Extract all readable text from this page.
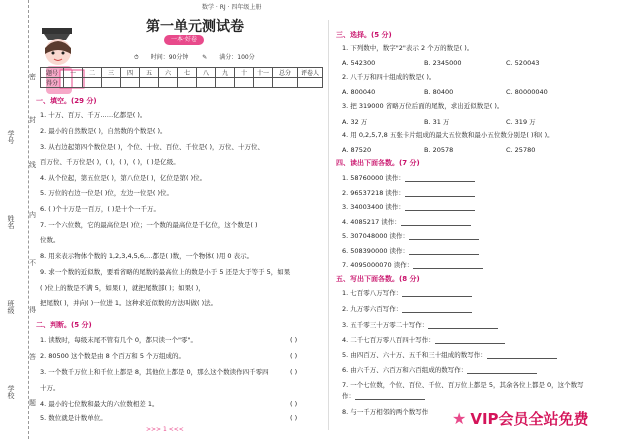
学号
姓名
班级
学校
密
封
线
内
不
得
答
题
数学 · RJ · 四年级上册
第一单元测试卷
一本·好卷
⏱ 时间：90分钟 ✎ 满分：100分
题号	一	二	三	四	五	六	七	八	九	十	十一	总分	评卷人
得分													
一、填空。(29 分)
1. 十万、百万、千万……亿都是( )。
2. 最小的自然数是( )，自然数的个数是( )。
3. 从右边起第四个数位是( )，个位、十位、百位、千位是( )，万位、十万位、
百万位、千万位是( )，( )，( )，( )，( )是亿级。
4. 从个位起，第五位是( )，第八位是( )，亿位是第( )位。
5. 万位的右边一位是( )位，左边一位是( )位。
6. ( )个十万是一百万，( )是十个一千万。
7. 一个六位数，它的最高位是( )位；一个数的最高位是千亿位，这个数是( )
位数。
8. 用来表示物体个数的 1,2,3,4,5,6,…都是( )数，一个物体( )用 0 表示。
9. 求一个数的近似数，要看省略的尾数的最高位上的数是小于 5 还是大于等于 5，如果
( )位上的数是不满 5，如果( )，就把尾数部( )；如果( )，
把尾数( )，并向( )一位进 1。这种求近似数的方法叫做( )法。
二、判断。(5 分)
1. 读数时，每级末尾不管有几个 0，都只读一个"零"。	( )
2. 80500 这个数是由 8 个百万和 5 个万组成的。	( )
3. 一个数千万位上和千位上都是 8，其他位上都是 0，那么这个数读作四千零四	( )
十万。
4. 最小的七位数和最大的六位数相差 1。	( )
5. 数位就是计数单位。	( )
>>> 1 <<<
三、选择。(5 分)
1. 下列数中，数字"2"表示 2 个万的数是( )。
A. 542300	B. 2345000	C. 520043
2. 八千万和四十组成的数是( )。
A. 800040	B. 80400	C. 80000040
3. 把 319000 省略万位后面的尾数，求出近似数是( )。
A. 32 万	B. 31 万	C. 319 万
4. 用 0,2,5,7,8 五张卡片组成的最大五位数和最小五位数分别是( )和( )。
A. 87520	B. 20578	C. 25780
四、读出下面各数。(7 分)
1. 58760000 读作：
2. 96537218 读作：
3. 34003400 读作：
4. 4085217 读作：
5. 307048000 读作：
6. 508390000 读作：
7. 4095000070 读作：
五、写出下面各数。(8 分)
1. 七百零八万写作：
2. 九万零六百写作：
3. 五千零三十万零二十写作：
4. 二千七百万零八百四十写作：
5. 由四百万、六十万、五千和三十组成的数写作：
6. 由六千万、六百万和六百组成的数写作：
7. 一个七位数，个位、百位、千位、百万位上都是 5，其余各位上都是 0，这个数写
作：
8. 与一千万相邻的两个数写作 ★ VIP会员全站免费
